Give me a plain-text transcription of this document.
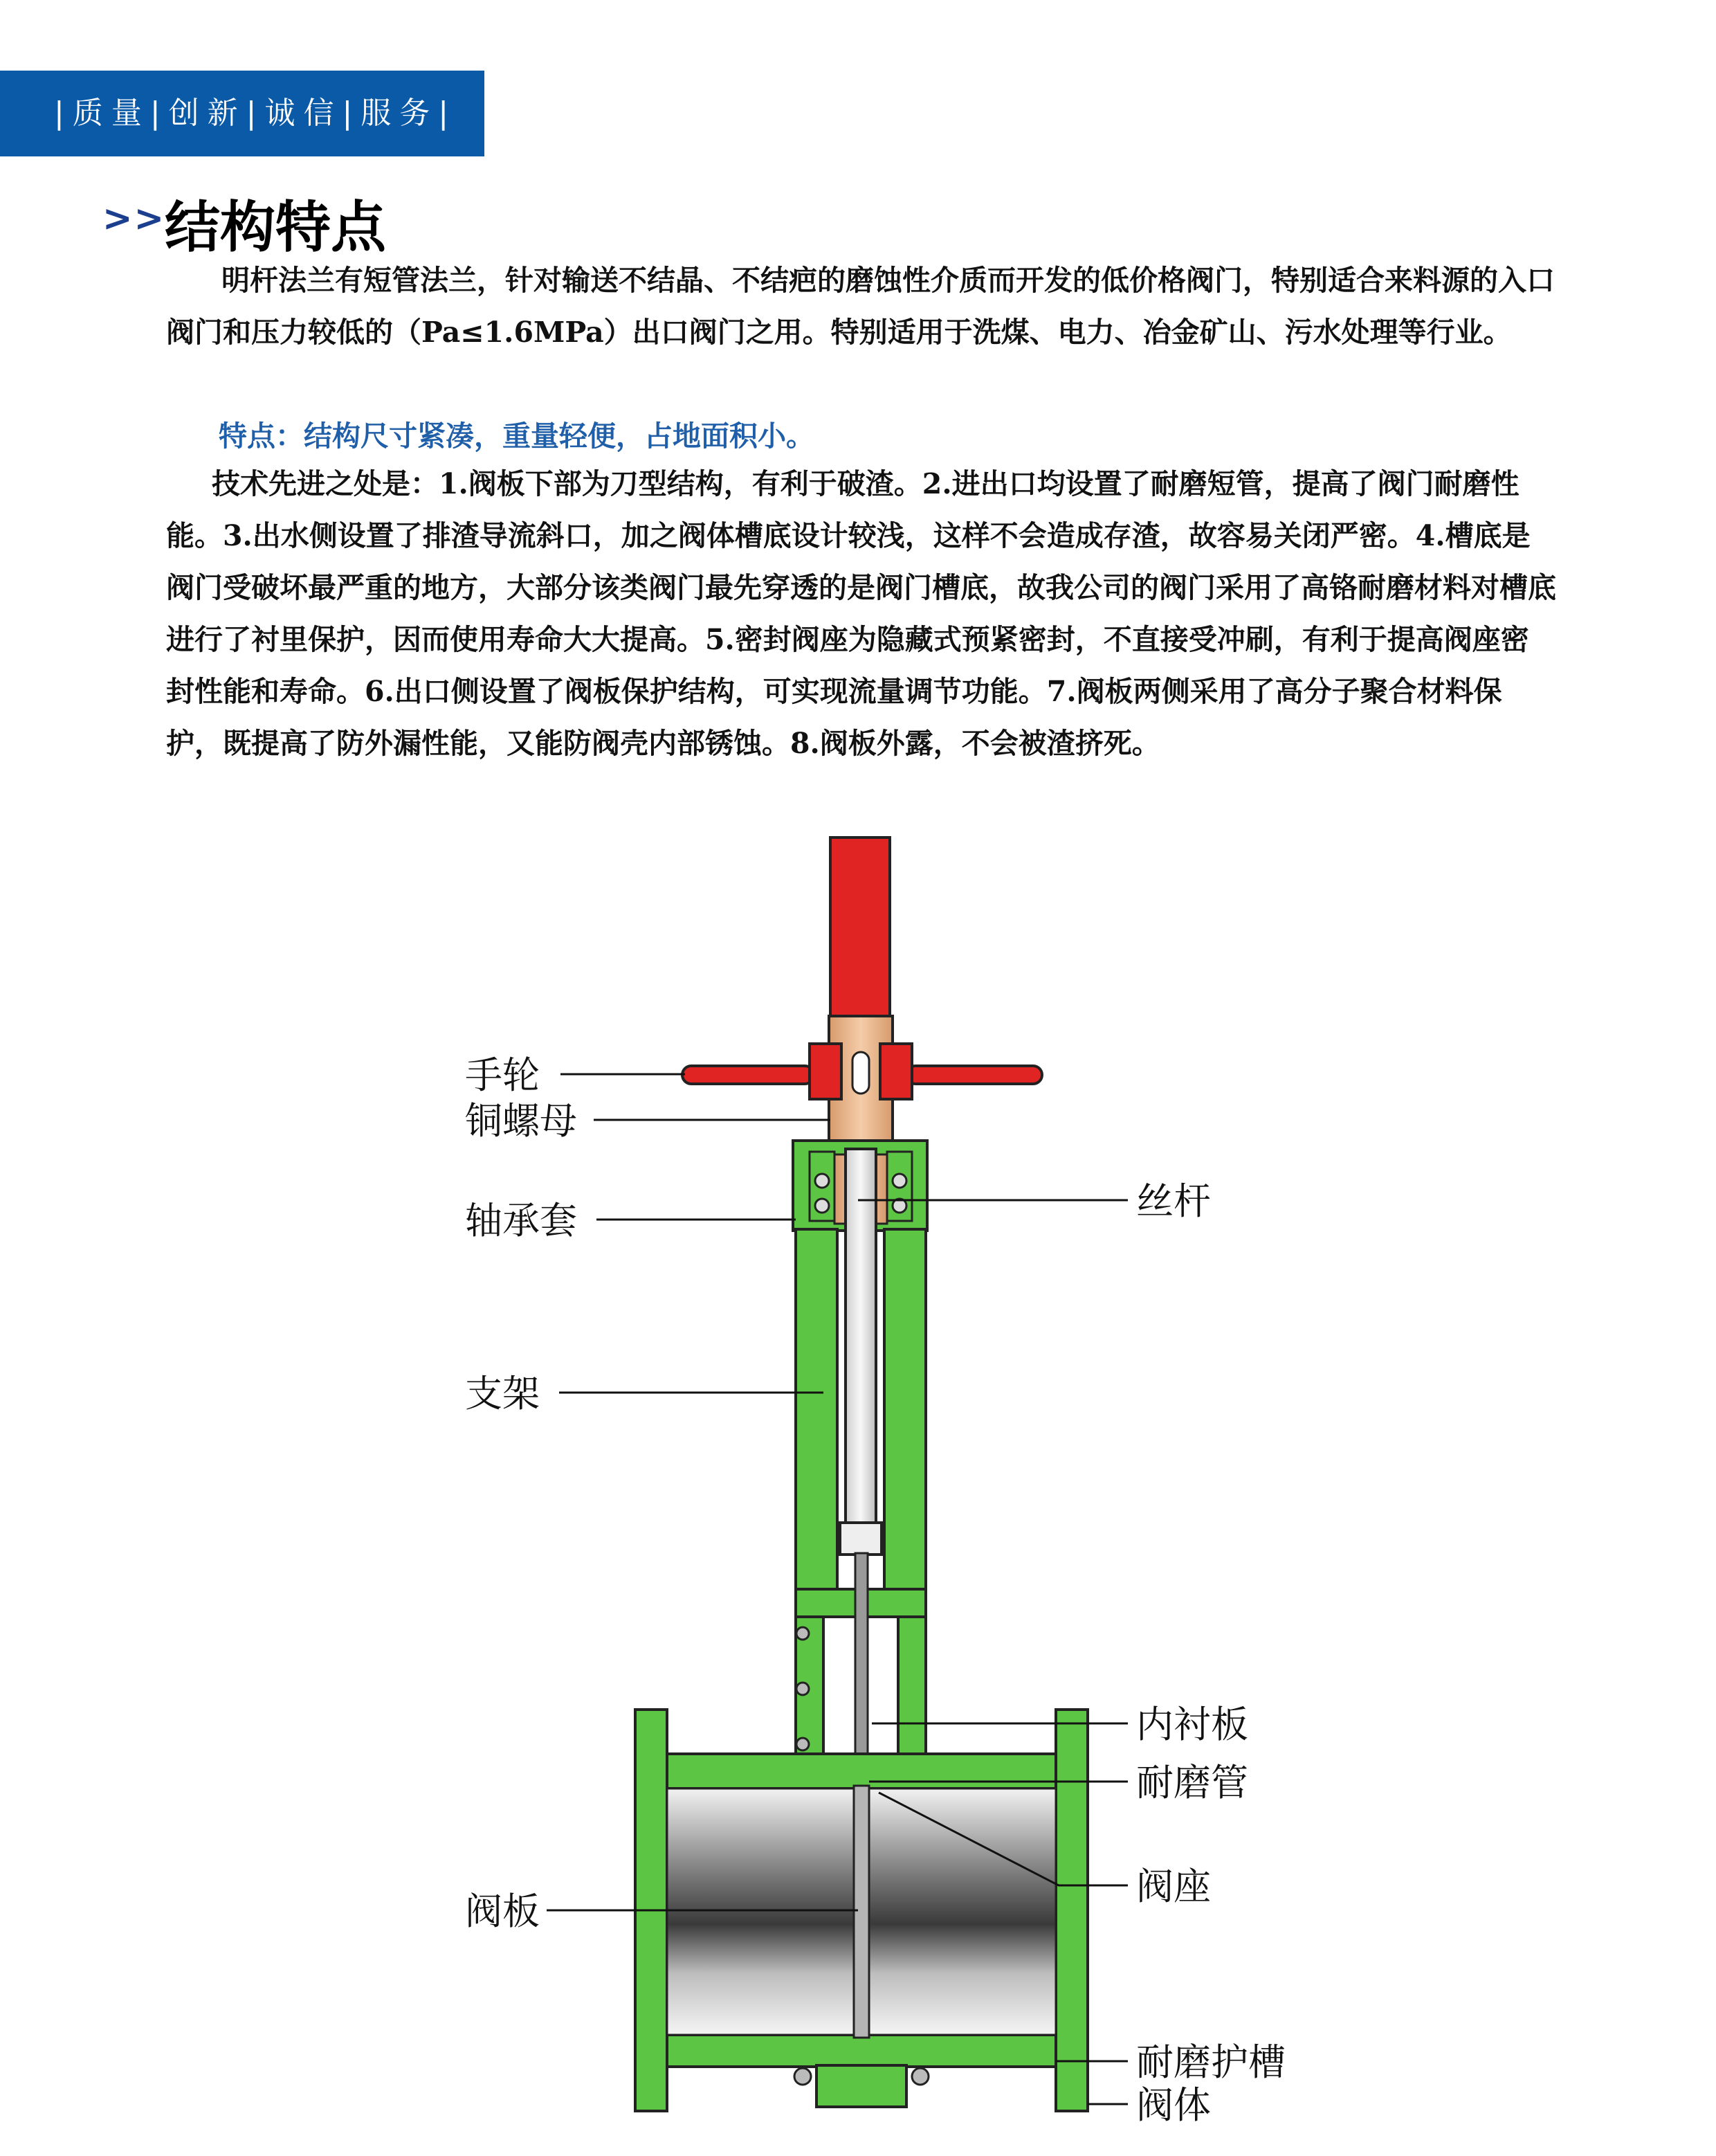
|质量|创新|诚信|服务|
>>
结构特点

明杆法兰有短管法兰，针对输送不结晶、不结疤的磨蚀性介质而开发的低价格阀门，特别适合来料源的入口阀门和压力较低的（Pa≤1.6MPa）出口阀门之用。特别适用于洗煤、电力、冶金矿山、污水处理等行业。

特点：结构尺寸紧凑，重量轻便，占地面积小。

技术先进之处是：1.阀板下部为刀型结构，有利于破渣。2.进出口均设置了耐磨短管，提高了阀门耐磨性能。3.出水侧设置了排渣导流斜口，加之阀体槽底设计较浅，这样不会造成存渣，故容易关闭严密。4.槽底是阀门受破坏最严重的地方，大部分该类阀门最先穿透的是阀门槽底，故我公司的阀门采用了高铬耐磨材料对槽底进行了衬里保护，因而使用寿命大大提高。5.密封阀座为隐藏式预紧密封，不直接受冲刷，有利于提高阀座密封性能和寿命。6.出口侧设置了阀板保护结构，可实现流量调节功能。7.阀板两侧采用了高分子聚合材料保护，既提高了防外漏性能，又能防阀壳内部锈蚀。8.阀板外露，不会被渣挤死。

手轮
铜螺母
轴承套	丝杆
支架
内衬板
耐磨管
阀座
阀板
耐磨护槽
阀体
